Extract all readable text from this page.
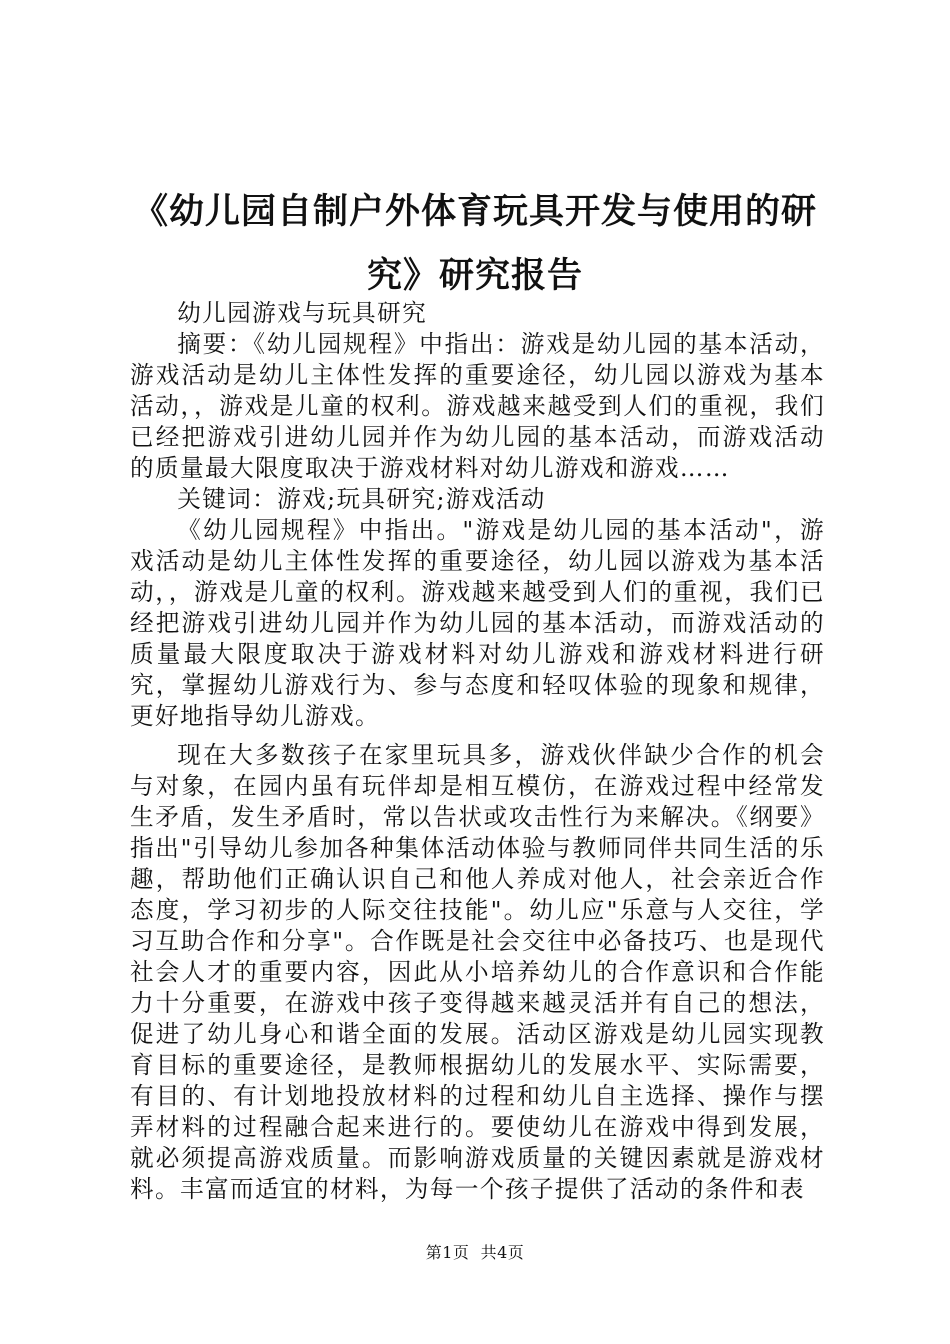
《幼儿园自制户外体育玩具开发与使用的研究》研究报告

幼儿园游戏与玩具研究

摘要：《幼儿园规程》中指出：游戏是幼儿园的基本活动，游戏活动是幼儿主体性发挥的重要途径，幼儿园以游戏为基本活动，，游戏是儿童的权利。游戏越来越受到人们的重视，我们已经把游戏引进幼儿园并作为幼儿园的基本活动，而游戏活动的质量最大限度取决于游戏材料对幼儿游戏和游戏……

关键词：游戏;玩具研究;游戏活动

《幼儿园规程》中指出。"游戏是幼儿园的基本活动"，游戏活动是幼儿主体性发挥的重要途径，幼儿园以游戏为基本活动，，游戏是儿童的权利。游戏越来越受到人们的重视，我们已经把游戏引进幼儿园并作为幼儿园的基本活动，而游戏活动的质量最大限度取决于游戏材料对幼儿游戏和游戏材料进行研究，掌握幼儿游戏行为、参与态度和轻叹体验的现象和规律，更好地指导幼儿游戏。

现在大多数孩子在家里玩具多，游戏伙伴缺少合作的机会与对象，在园内虽有玩伴却是相互模仿，在游戏过程中经常发生矛盾，发生矛盾时，常以告状或攻击性行为来解决。《纲要》指出"引导幼儿参加各种集体活动体验与教师同伴共同生活的乐趣，帮助他们正确认识自己和他人养成对他人，社会亲近合作态度，学习初步的人际交往技能"。幼儿应"乐意与人交往，学习互助合作和分享"。合作既是社会交往中必备技巧、也是现代社会人才的重要内容，因此从小培养幼儿的合作意识和合作能力十分重要，在游戏中孩子变得越来越灵活并有自己的想法，促进了幼儿身心和谐全面的发展。活动区游戏是幼儿园实现教育目标的重要途径，是教师根据幼儿的发展水平、实际需要，有目的、有计划地投放材料的过程和幼儿自主选择、操作与摆弄材料的过程融合起来进行的。要使幼儿在游戏中得到发展，就必须提高游戏质量。而影响游戏质量的关键因素就是游戏材料。丰富而适宜的材料，为每一个孩子提供了活动的条件和表

第1页  共4页
